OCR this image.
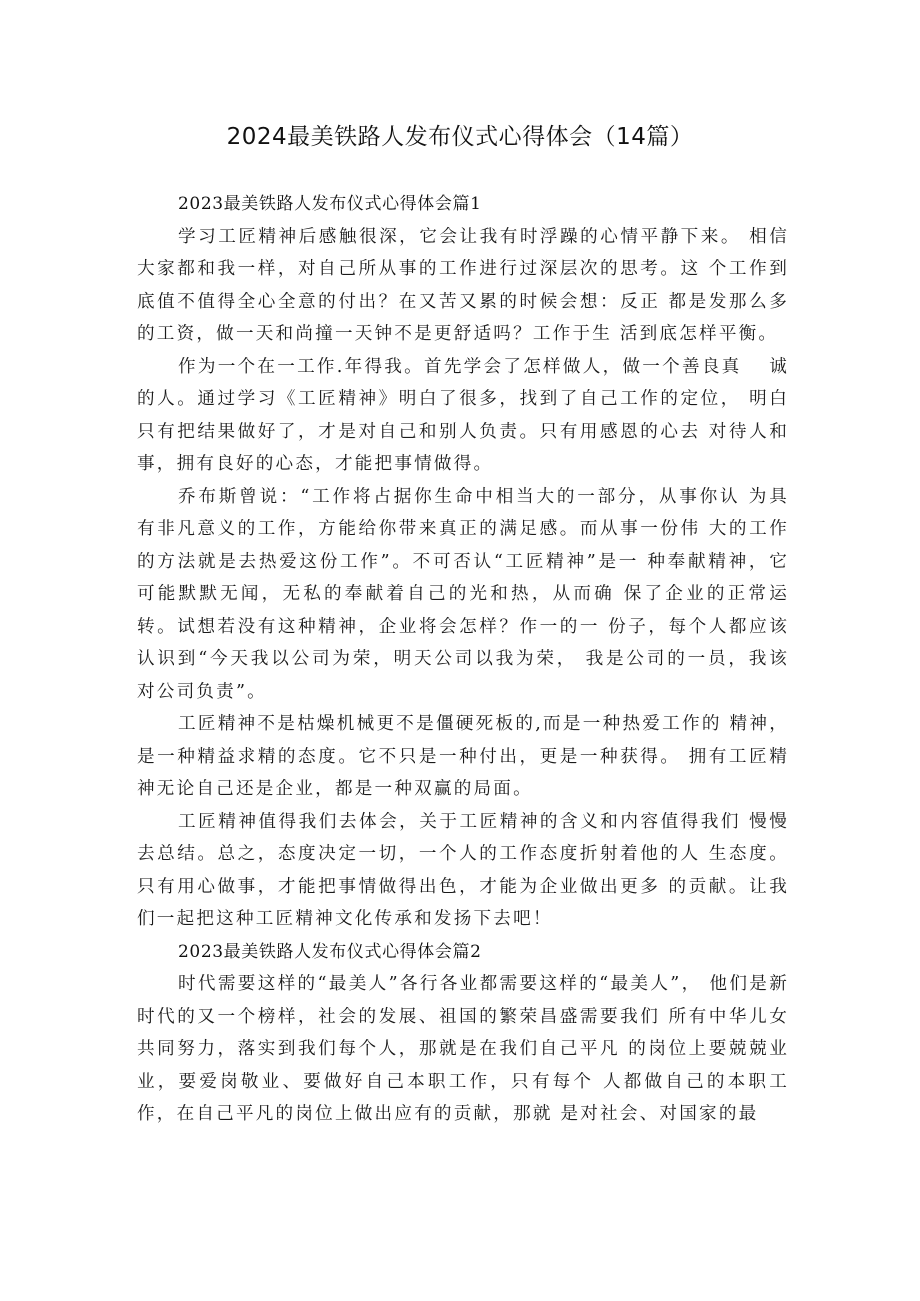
2024最美铁路人发布仪式心得体会（14篇）

2023最美铁路人发布仪式心得体会篇1

学习工匠精神后感触很深，它会让我有时浮躁的心情平静下来。 相信大家都和我一样，对自己所从事的工作进行过深层次的思考。这 个工作到底值不值得全心全意的付出？在又苦又累的时候会想：反正 都是发那么多的工资，做一天和尚撞一天钟不是更舒适吗？工作于生 活到底怎样平衡。

作为一个在一工作.年得我。首先学会了怎样做人，做一个善良真　 诚的人。通过学习《工匠精神》明白了很多，找到了自己工作的定位， 明白只有把结果做好了，才是对自己和别人负责。只有用感恩的心去 对待人和事，拥有良好的心态，才能把事情做得。

乔布斯曾说：“工作将占据你生命中相当大的一部分，从事你认 为具有非凡意义的工作，方能给你带来真正的满足感。而从事一份伟 大的工作的方法就是去热爱这份工作”。不可否认“工匠精神”是一 种奉献精神，它可能默默无闻，无私的奉献着自己的光和热，从而确 保了企业的正常运转。试想若没有这种精神，企业将会怎样？作一的一 份子，每个人都应该认识到“今天我以公司为荣，明天公司以我为荣， 我是公司的一员，我该对公司负责”。

工匠精神不是枯燥机械更不是僵硬死板的,而是一种热爱工作的 精神，是一种精益求精的态度。它不只是一种付出，更是一种获得。 拥有工匠精神无论自己还是企业，都是一种双赢的局面。

工匠精神值得我们去体会，关于工匠精神的含义和内容值得我们 慢慢去总结。总之，态度决定一切，一个人的工作态度折射着他的人 生态度。只有用心做事，才能把事情做得出色，才能为企业做出更多 的贡献。让我们一起把这种工匠精神文化传承和发扬下去吧！

2023最美铁路人发布仪式心得体会篇2

时代需要这样的“最美人”各行各业都需要这样的“最美人”， 他们是新时代的又一个榜样，社会的发展、祖国的繁荣昌盛需要我们 所有中华儿女共同努力，落实到我们每个人，那就是在我们自己平凡 的岗位上要兢兢业业，要爱岗敬业、要做好自己本职工作，只有每个 人都做自己的本职工作，在自己平凡的岗位上做出应有的贡献，那就 是对社会、对国家的最
